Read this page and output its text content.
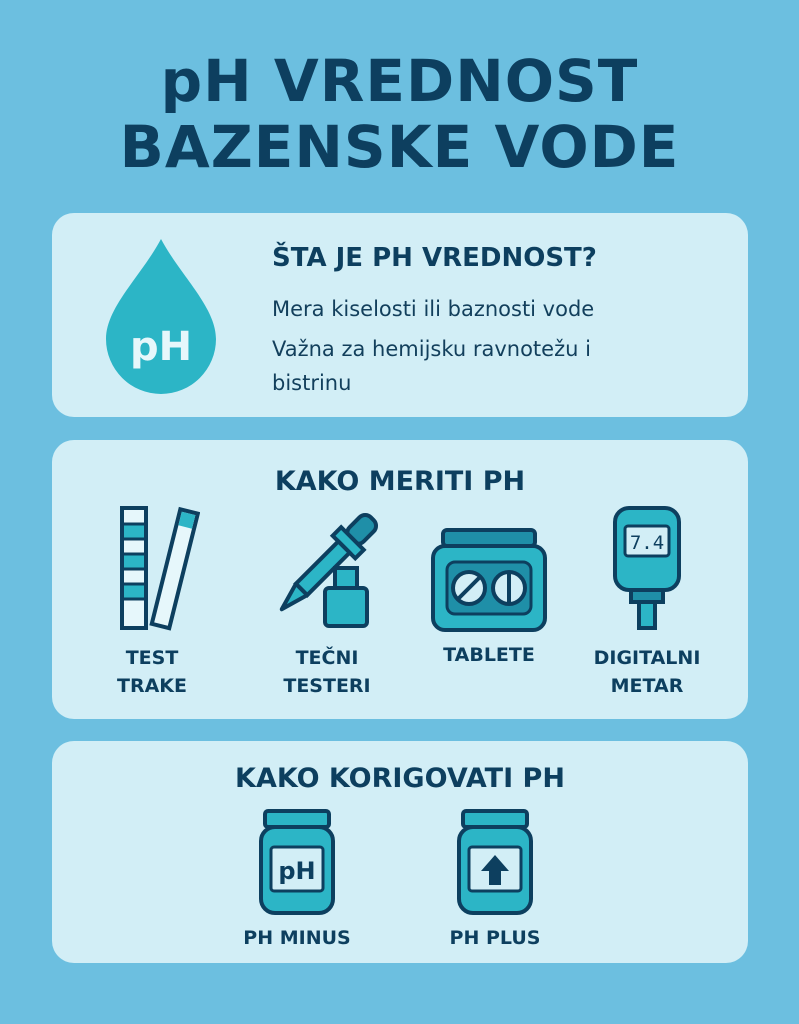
pH VREDNOST
BAZENSKE VODE
pH
ŠTA JE PH VREDNOST?
Mera kiselosti ili baznosti vode
Važna za hemijsku ravnotežu i
bistrinu
KAKO MERITI PH
TEST
TRAKE
TEČNI
TESTERI
TABLETE
7.4
DIGITALNI
METAR
KAKO KORIGOVATI PH
pH
PH MINUS	PH PLUS
